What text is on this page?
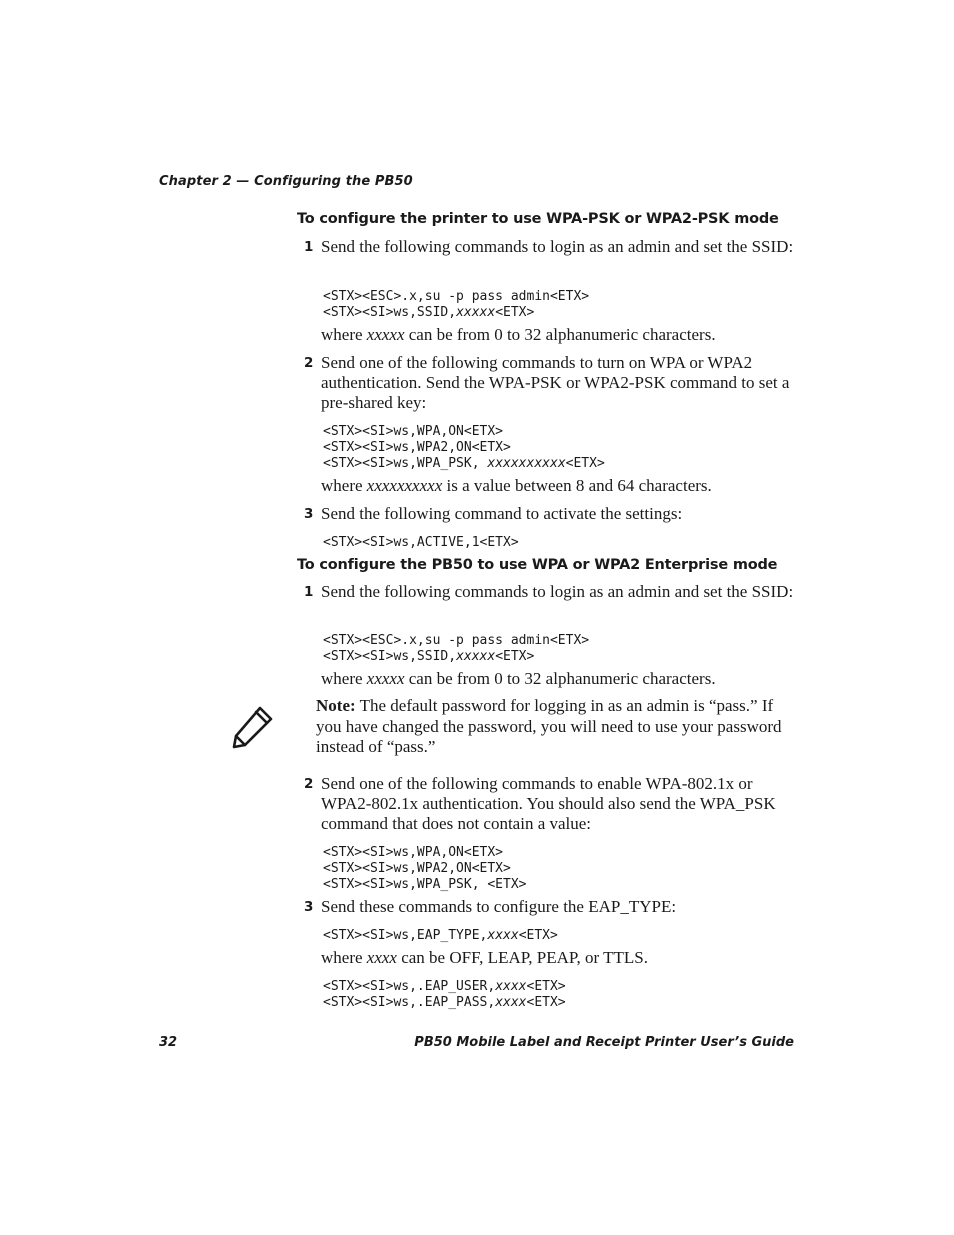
Chapter 2 — Configuring the PB50
To configure the printer to use WPA-PSK or WPA2-PSK mode
1 Send the following commands to login as an admin and set the SSID:
<STX><ESC>.x,su -p pass admin<ETX>
<STX><SI>ws,SSID,xxxxx<ETX>
where xxxxx can be from 0 to 32 alphanumeric characters.
2 Send one of the following commands to turn on WPA or WPA2 authentication. Send the WPA-PSK or WPA2-PSK command to set a pre-shared key:
<STX><SI>ws,WPA,ON<ETX>
<STX><SI>ws,WPA2,ON<ETX>
<STX><SI>ws,WPA_PSK, xxxxxxxxxx<ETX>
where xxxxxxxxxx is a value between 8 and 64 characters.
3 Send the following command to activate the settings:
<STX><SI>ws,ACTIVE,1<ETX>
To configure the PB50 to use WPA or WPA2 Enterprise mode
1 Send the following commands to login as an admin and set the SSID:
<STX><ESC>.x,su -p pass admin<ETX>
<STX><SI>ws,SSID,xxxxx<ETX>
where xxxxx can be from 0 to 32 alphanumeric characters.
Note: The default password for logging in as an admin is “pass.” If you have changed the password, you will need to use your password instead of “pass.”
2 Send one of the following commands to enable WPA-802.1x or WPA2-802.1x authentication. You should also send the WPA_PSK command that does not contain a value:
<STX><SI>ws,WPA,ON<ETX>
<STX><SI>ws,WPA2,ON<ETX>
<STX><SI>ws,WPA_PSK, <ETX>
3 Send these commands to configure the EAP_TYPE:
<STX><SI>ws,EAP_TYPE,xxxx<ETX>
where xxxx can be OFF, LEAP, PEAP, or TTLS.
<STX><SI>ws,.EAP_USER,xxxx<ETX>
<STX><SI>ws,.EAP_PASS,xxxx<ETX>
32	PB50 Mobile Label and Receipt Printer User’s Guide
